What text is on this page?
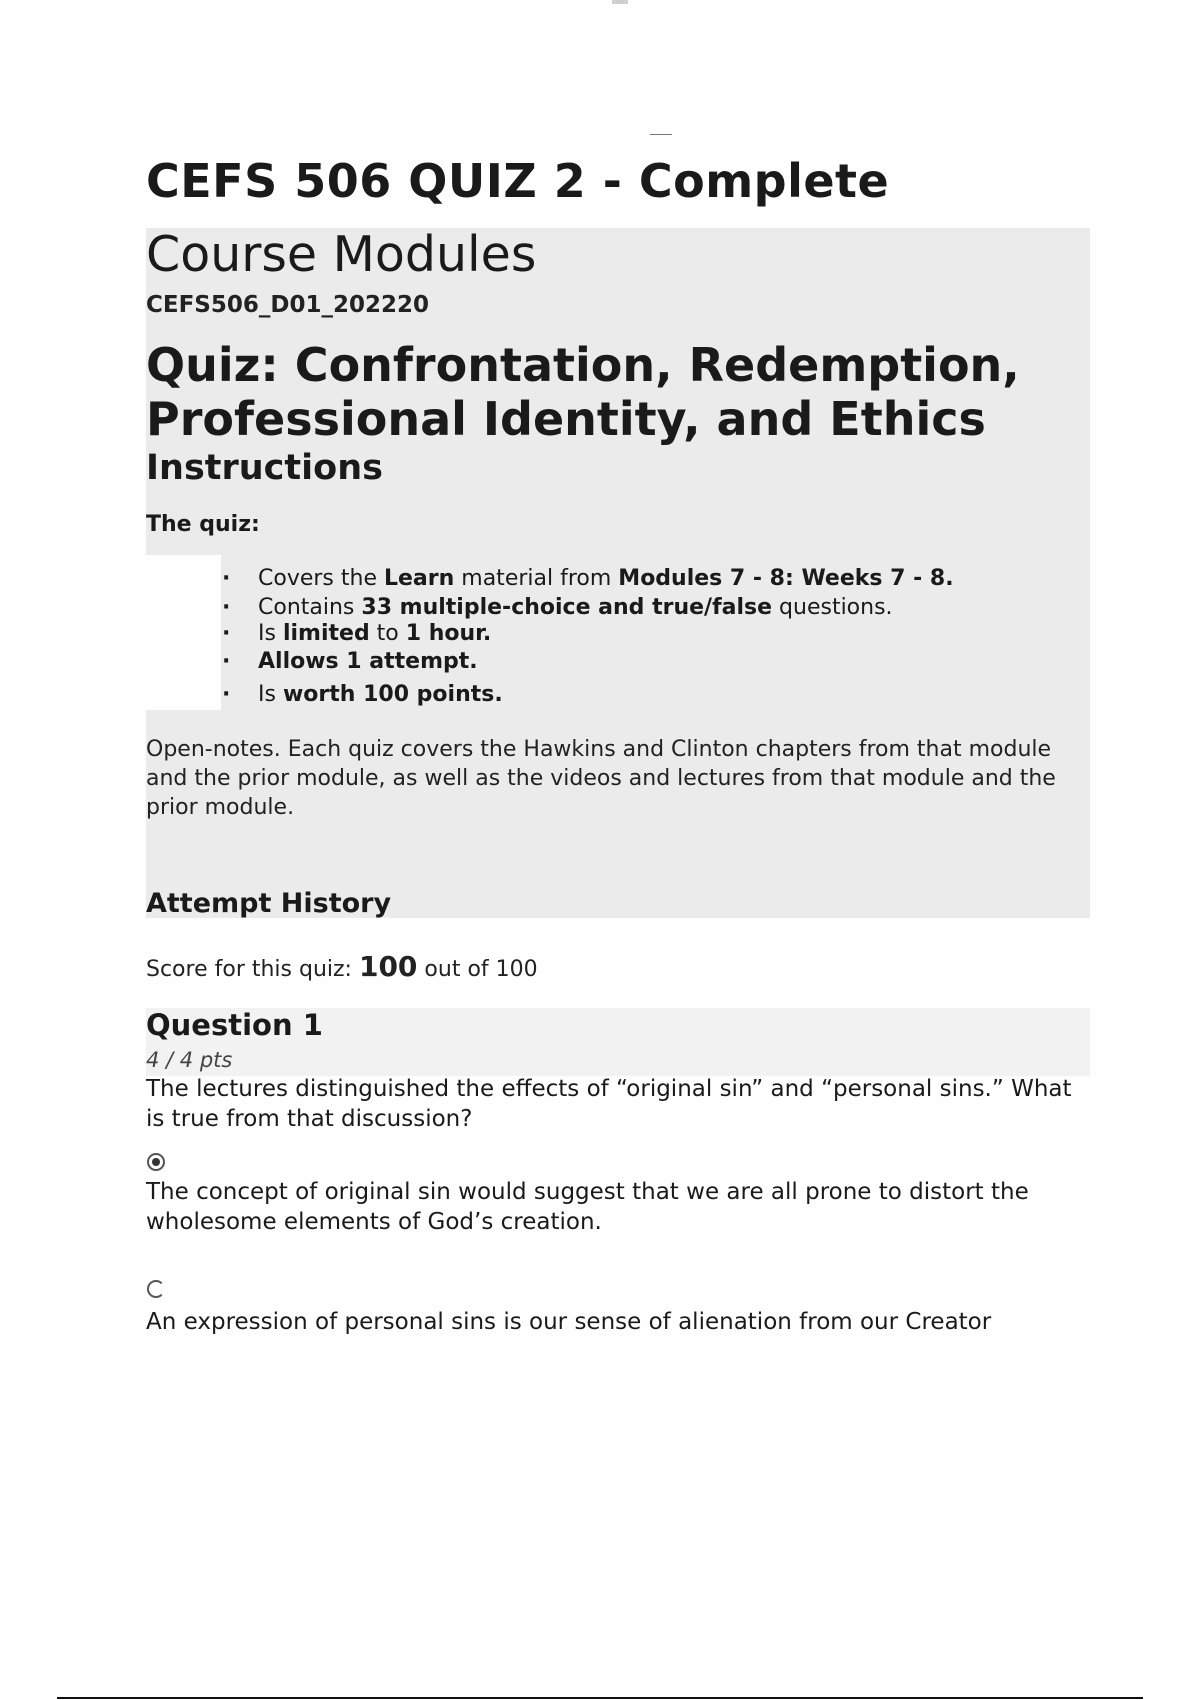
CEFS 506 QUIZ 2 - Complete
Course Modules
CEFS506_D01_202220
Quiz: Confrontation, Redemption, Professional Identity, and Ethics
Instructions
The quiz:
· Covers the Learn material from Modules 7 - 8: Weeks 7 - 8.
· Contains 33 multiple-choice and true/false questions.
· Is limited to 1 hour.
· Allows 1 attempt.
· Is worth 100 points.
Open-notes. Each quiz covers the Hawkins and Clinton chapters from that module and the prior module, as well as the videos and lectures from that module and the prior module.
Attempt History
Score for this quiz: 100 out of 100
Question 1
4 / 4 pts
The lectures distinguished the effects of “original sin” and “personal sins.” What is true from that discussion?
The concept of original sin would suggest that we are all prone to distort the wholesome elements of God’s creation.
An expression of personal sins is our sense of alienation from our Creator
